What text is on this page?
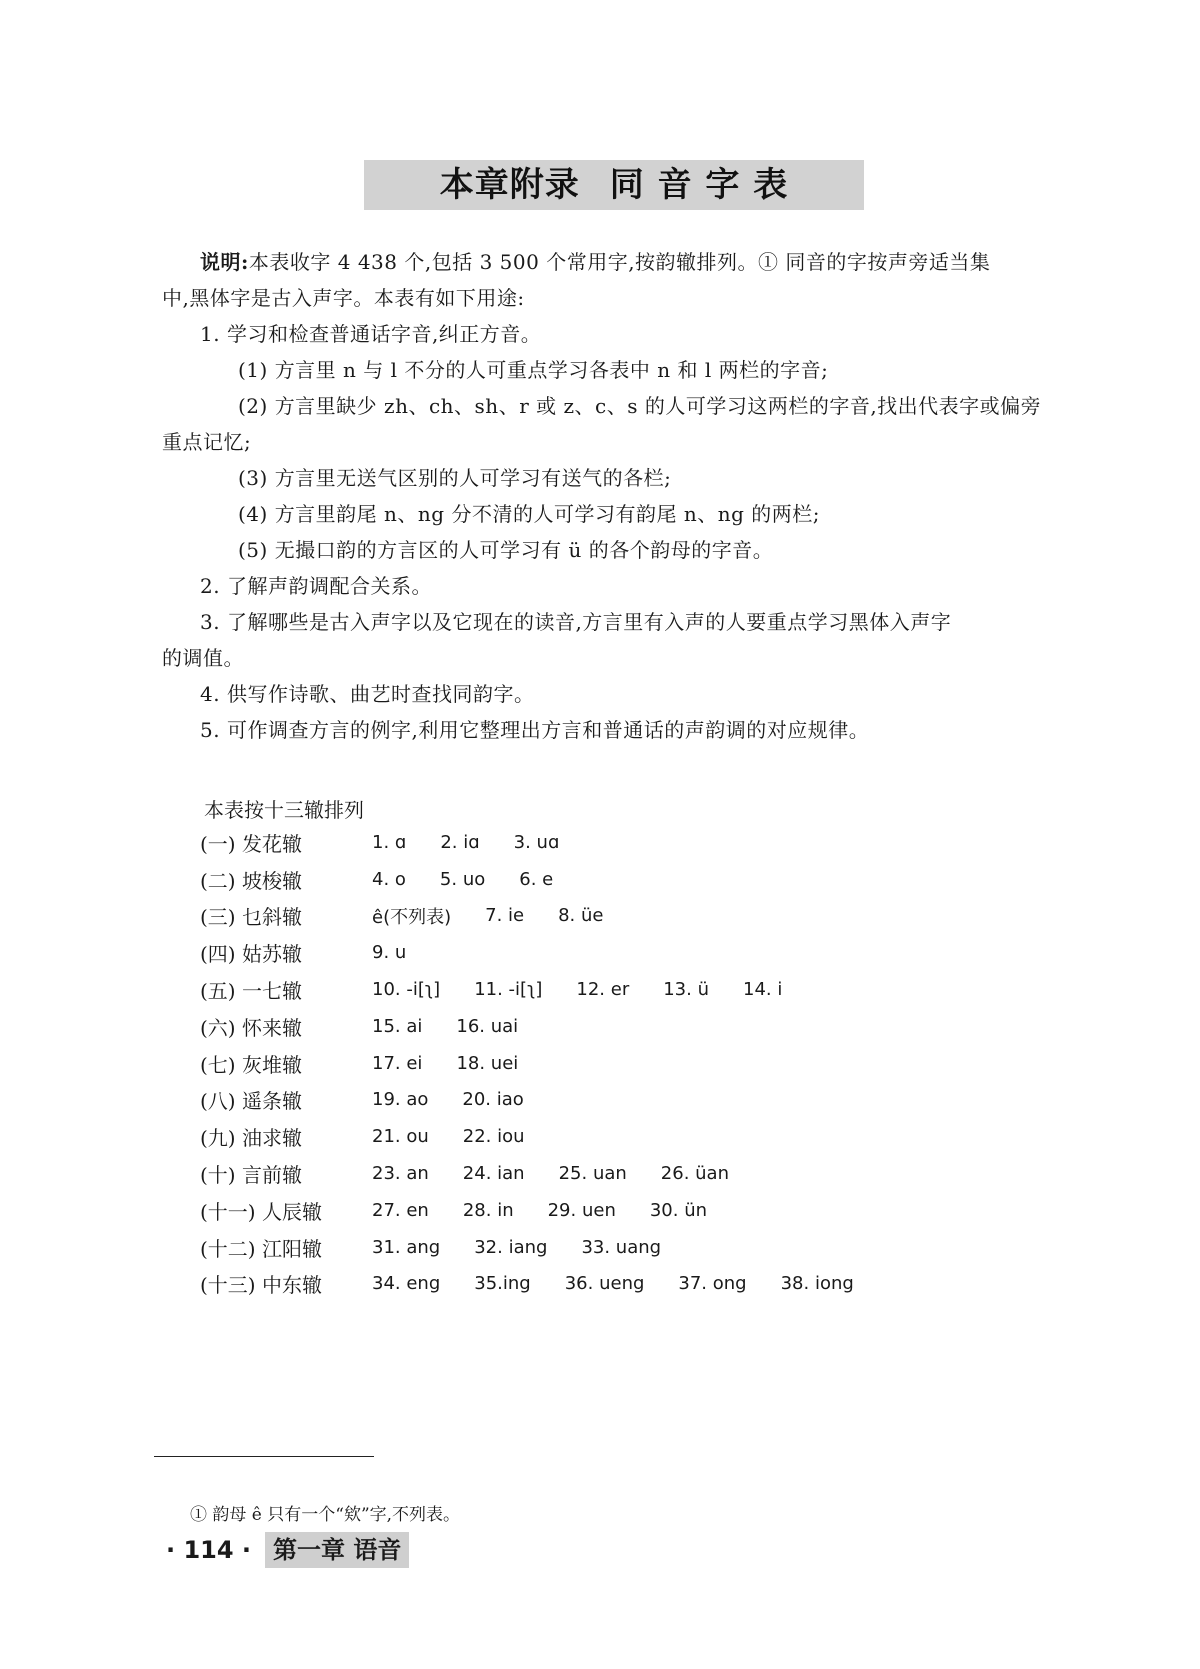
本章附录 同 音 字 表

说明:本表收字 4 438 个,包括 3 500 个常用字,按韵辙排列。① 同音的字按声旁适当集

中,黑体字是古入声字。本表有如下用途:

1. 学习和检查普通话字音,纠正方音。

(1) 方言里 n 与 l 不分的人可重点学习各表中 n 和 l 两栏的字音;

(2) 方言里缺少 zh、ch、sh、r 或 z、c、s 的人可学习这两栏的字音,找出代表字或偏旁

重点记忆;

(3) 方言里无送气区别的人可学习有送气的各栏;

(4) 方言里韵尾 n、ng 分不清的人可学习有韵尾 n、ng 的两栏;

(5) 无撮口韵的方言区的人可学习有 ü 的各个韵母的字音。

2. 了解声韵调配合关系。

3. 了解哪些是古入声字以及它现在的读音,方言里有入声的人要重点学习黑体入声字

的调值。

4. 供写作诗歌、曲艺时查找同韵字。

5. 可作调查方言的例字,利用它整理出方言和普通话的声韵调的对应规律。

本表按十三辙排列
(一) 发花辙	1. ɑ 2. iɑ 3. uɑ
(二) 坡梭辙	4. o 5. uo 6. e
(三) 乜斜辙	ê(不列表) 7. ie 8. üe
(四) 姑苏辙	9. u
(五) 一七辙	10. -i[ʅ] 11. -i[ʅ] 12. er 13. ü 14. i
(六) 怀来辙	15. ai 16. uai
(七) 灰堆辙	17. ei 18. uei
(八) 遥条辙	19. ao 20. iao
(九) 油求辙	21. ou 22. iou
(十) 言前辙	23. an 24. ian 25. uan 26. üan
(十一) 人辰辙	27. en 28. in 29. uen 30. ün
(十二) 江阳辙	31. ang 32. iang 33. uang
(十三) 中东辙	34. eng 35.ing 36. ueng 37. ong 38. iong
① 韵母 ê 只有一个“欸”字,不列表。
· 114 · 第一章 语音
